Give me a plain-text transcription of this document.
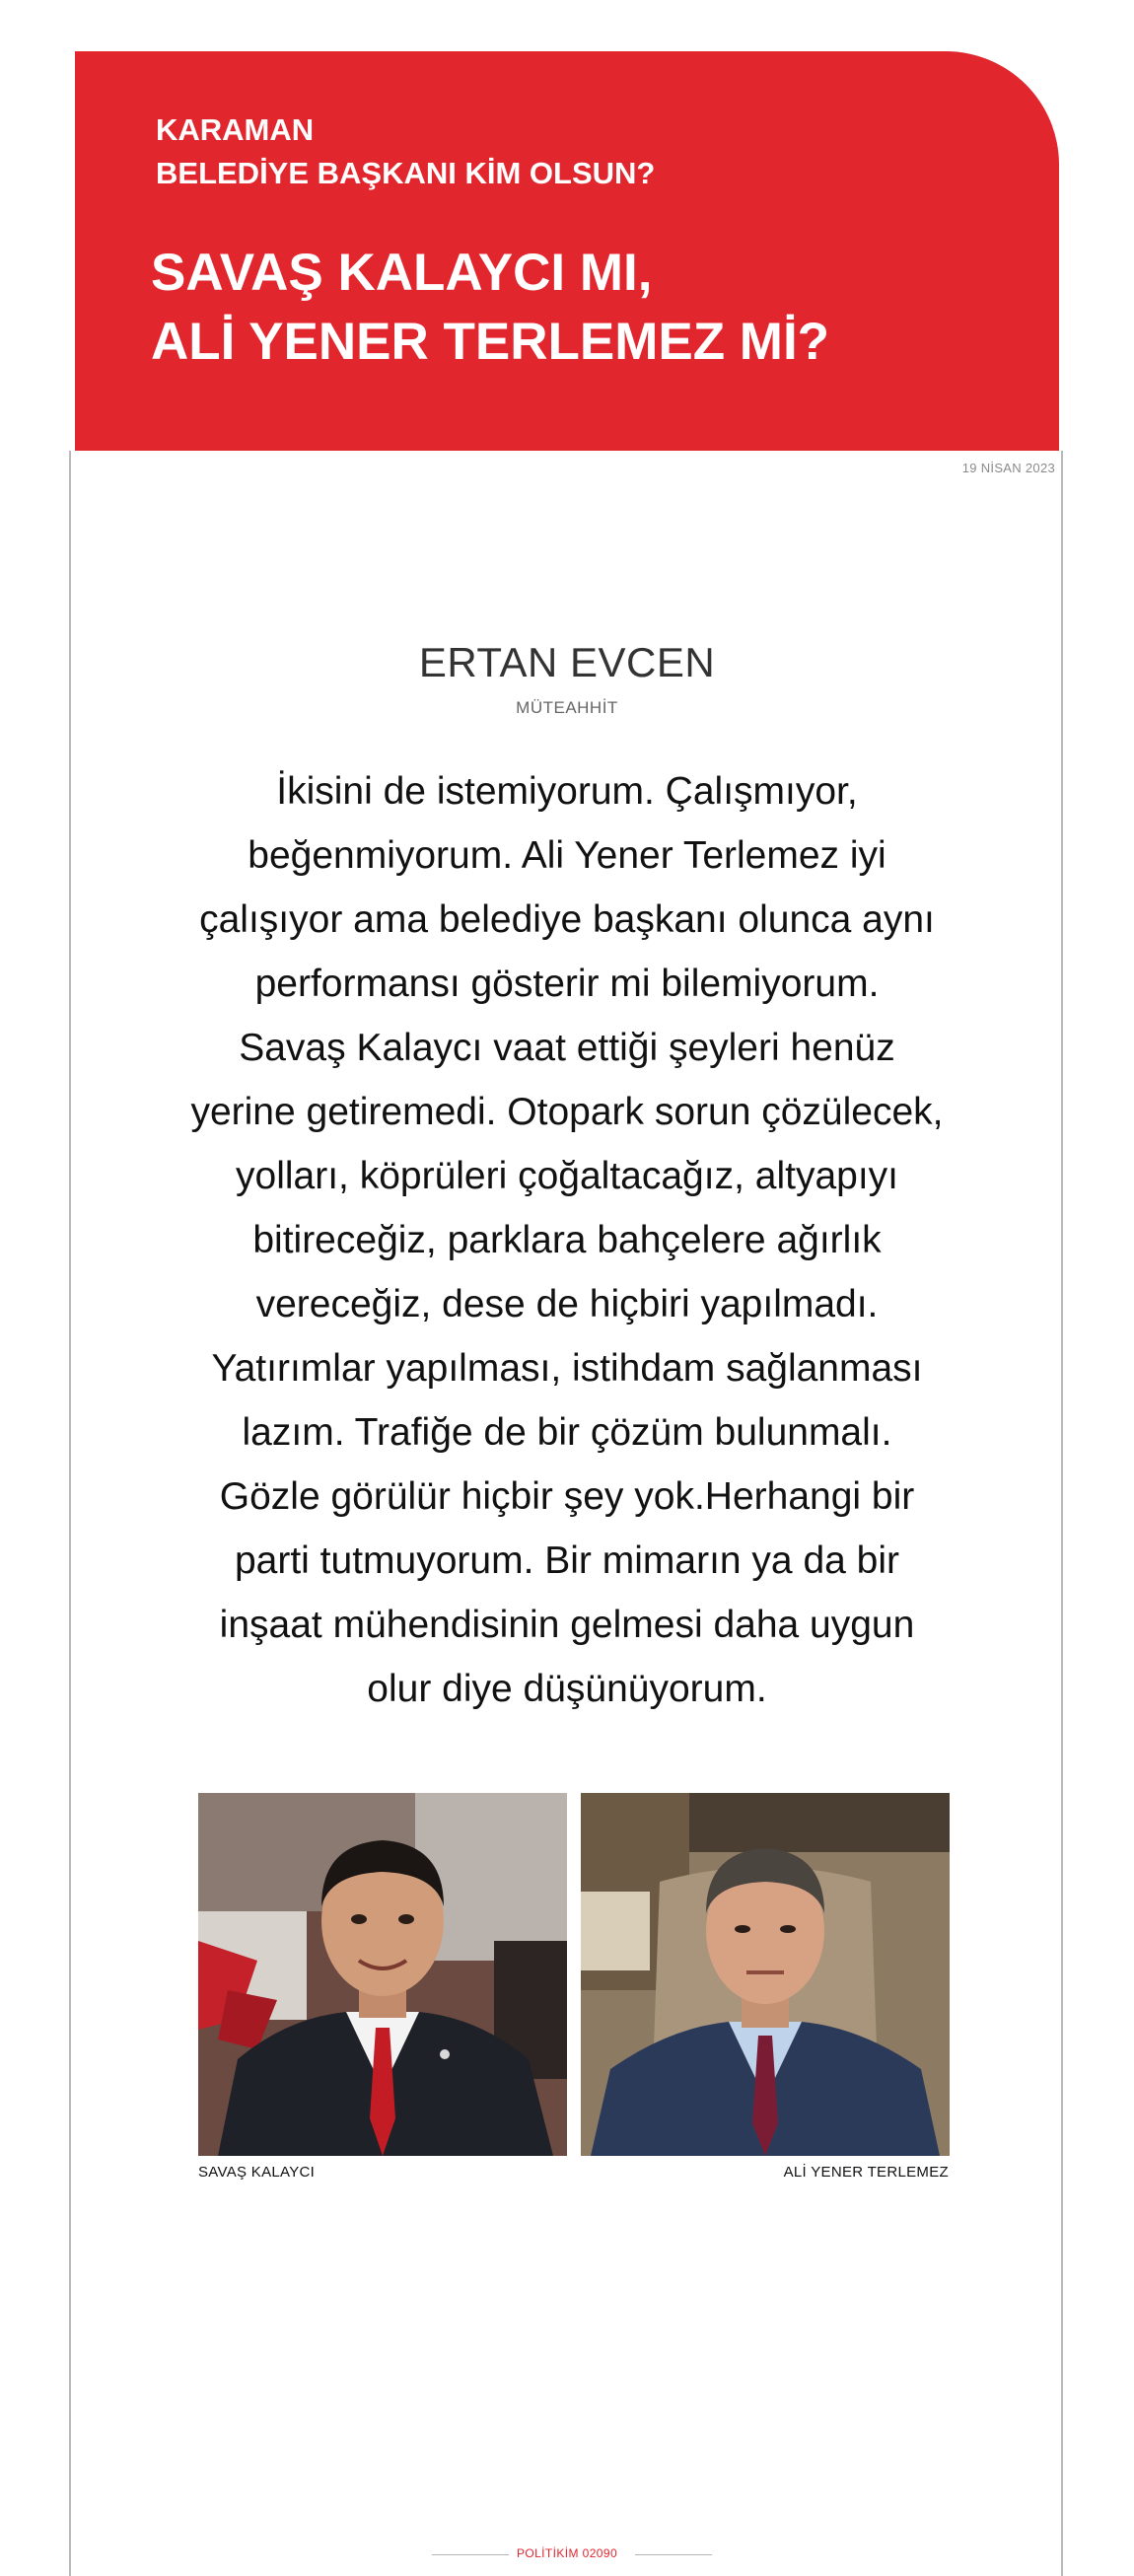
KARAMAN
BELEDİYE BAŞKANI KİM OLSUN?
SAVAŞ KALAYCI MI,
ALİ YENER TERLEMEZ Mİ?
19 NİSAN 2023
ERTAN EVCEN
MÜTEAHHİT
İkisini de istemiyorum. Çalışmıyor,
beğenmiyorum. Ali Yener Terlemez iyi
çalışıyor ama belediye başkanı olunca aynı
performansı gösterir mi bilemiyorum.
Savaş Kalaycı vaat ettiği şeyleri henüz
yerine getiremedi. Otopark sorun çözülecek,
yolları, köprüleri çoğaltacağız, altyapıyı
bitireceğiz, parklara bahçelere ağırlık
vereceğiz, dese de hiçbiri yapılmadı.
Yatırımlar yapılması, istihdam sağlanması
lazım. Trafiğe de bir çözüm bulunmalı.
Gözle görülür hiçbir şey yok.Herhangi bir
parti tutmuyorum. Bir mimarın ya da bir
inşaat mühendisinin gelmesi daha uygun
olur diye düşünüyorum.
SAVAŞ KALAYCI	ALİ YENER TERLEMEZ
POLİTİKİM 02090
